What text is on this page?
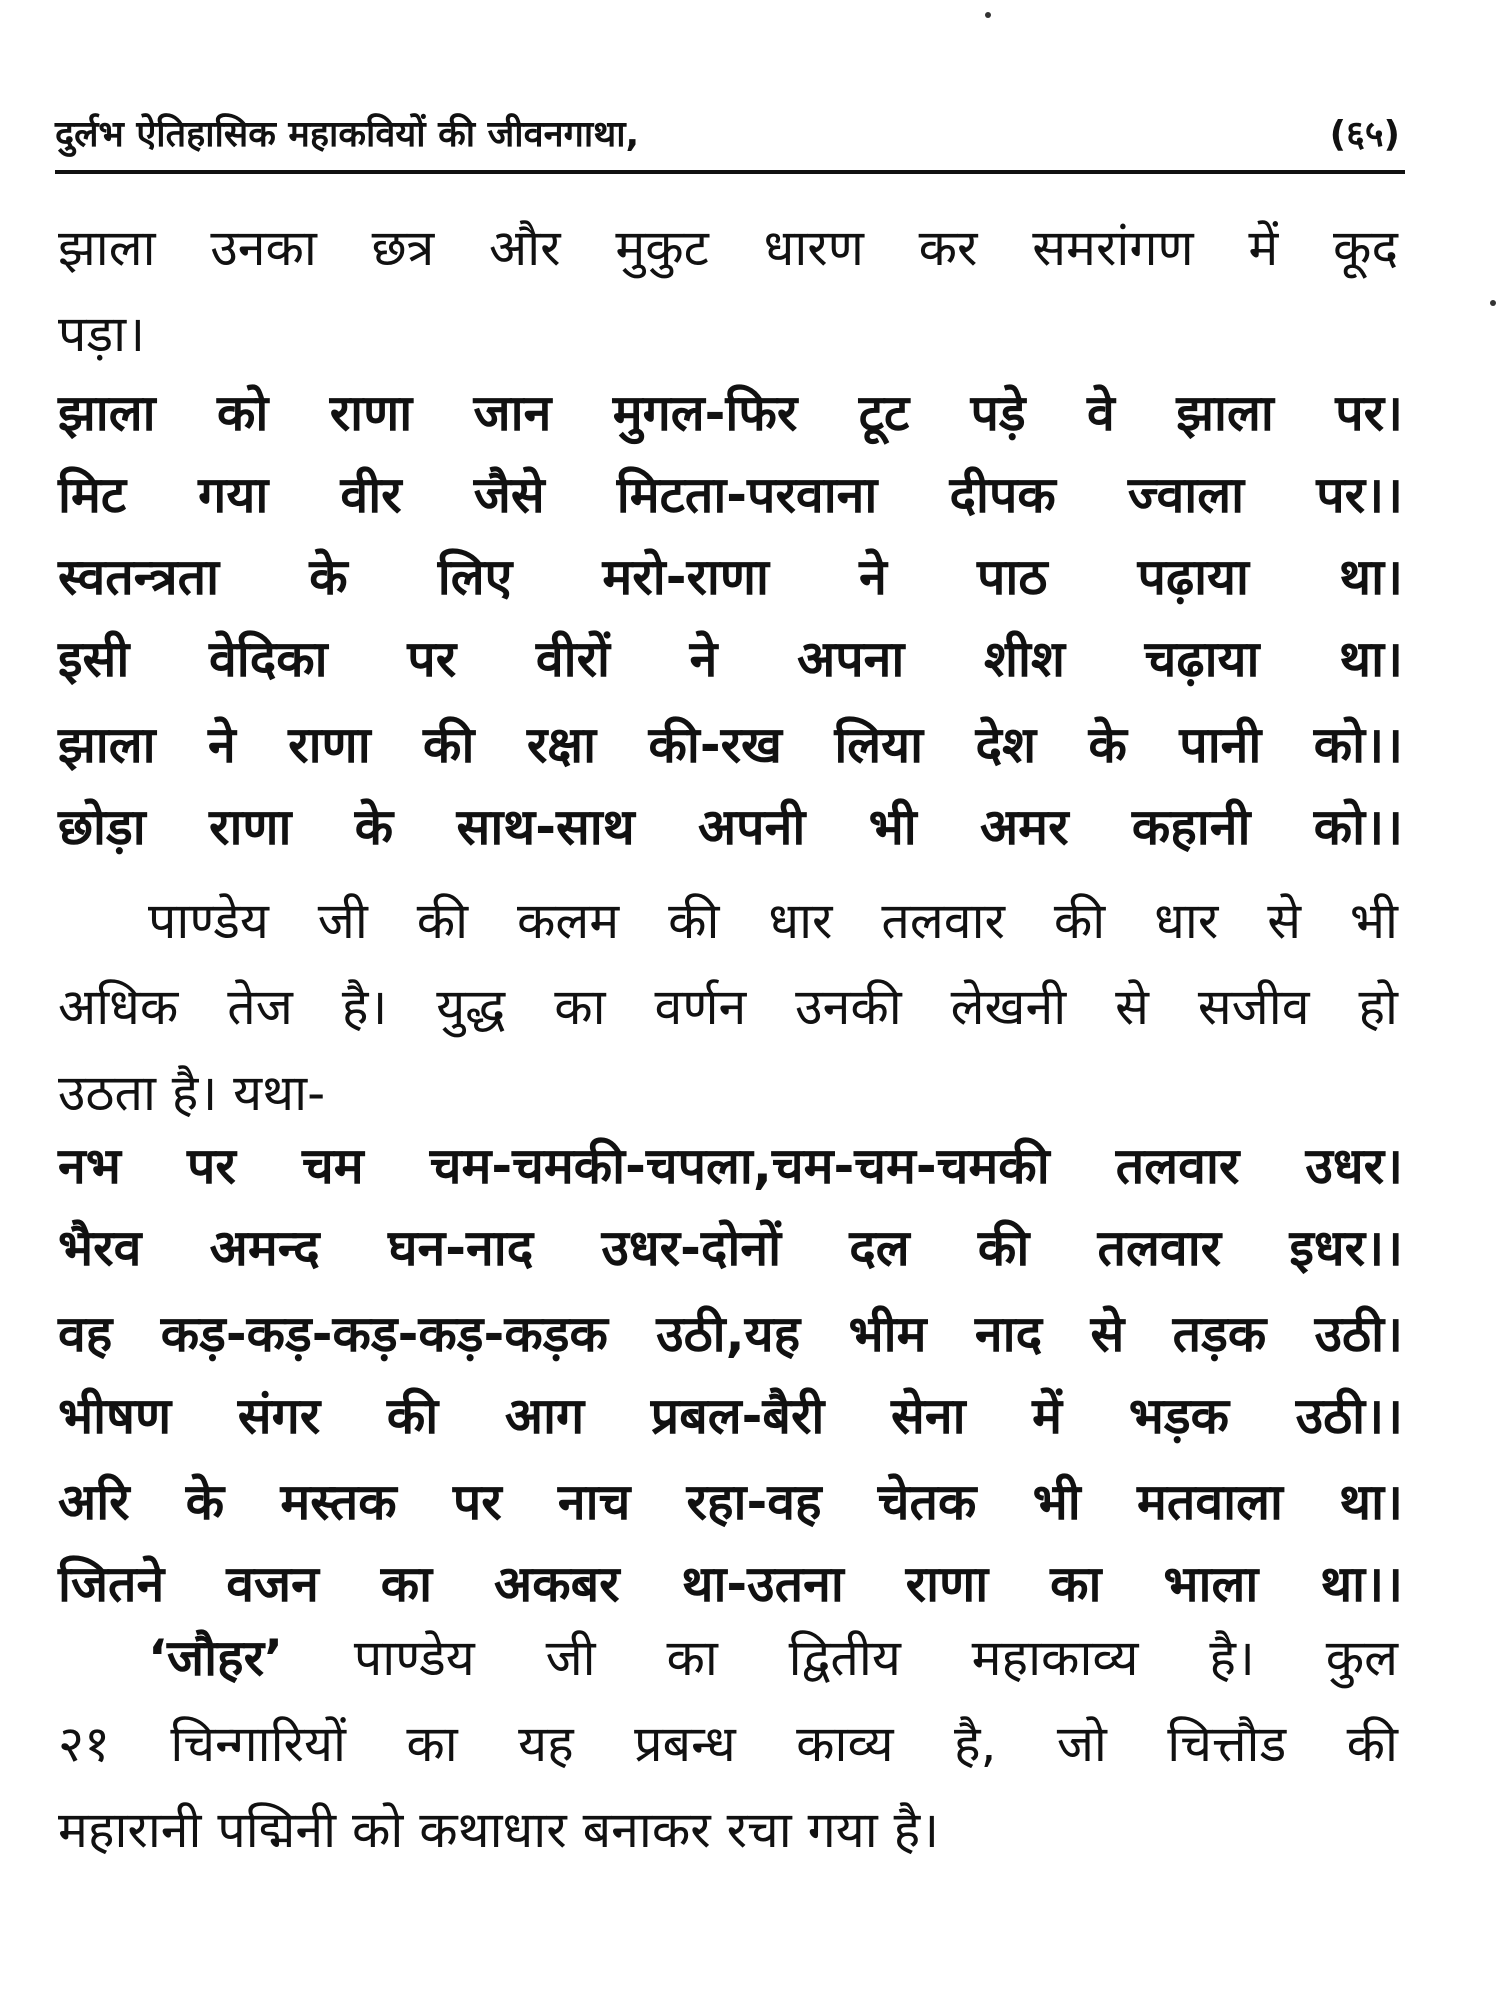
दुर्लभ ऐतिहासिक महाकवियों की जीवनगाथा,	(६५)
झाला उनका छत्र और मुकुट धारण कर समरांगण में कूद
पड़ा।
झाला को राणा जान मुगल-फिर टूट पड़े वे झाला पर।
मिट गया वीर जैसे मिटता-परवाना दीपक ज्वाला पर।।
स्वतन्त्रता के लिए मरो-राणा ने पाठ पढ़ाया था।
इसी वेदिका पर वीरों ने अपना शीश चढ़ाया था।
झाला ने राणा की रक्षा की-रख लिया देश के पानी को।।
छोड़ा राणा के साथ-साथ अपनी भी अमर कहानी को।।
पाण्डेय जी की कलम की धार तलवार की धार से भी
अधिक तेज है। युद्ध का वर्णन उनकी लेखनी से सजीव हो
उठता है। यथा-
नभ पर चम चम-चमकी-चपला,चम-चम-चमकी तलवार उधर।
भैरव अमन्द घन-नाद उधर-दोनों दल की तलवार इधर।।
वह कड़-कड़-कड़-कड़-कड़क उठी,यह भीम नाद से तड़क उठी।
भीषण संगर की आग प्रबल-बैरी सेना में भड़क उठी।।
अरि के मस्तक पर नाच रहा-वह चेतक भी मतवाला था।
जितने वजन का अकबर था-उतना राणा का भाला था।।
‘जौहर’ पाण्डेय जी का द्वितीय महाकाव्य है। कुल
२१ चिन्गारियों का यह प्रबन्ध काव्य है, जो चित्तौड की
महारानी पद्मिनी को कथाधार बनाकर रचा गया है।
